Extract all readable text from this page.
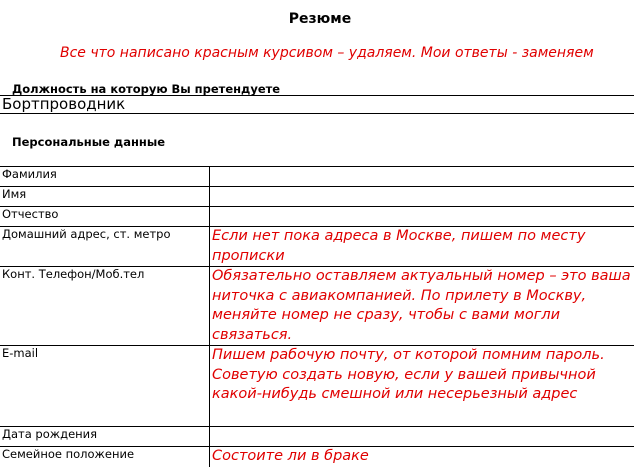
Резюме
Все что написано красным курсивом – удаляем. Мои ответы - заменяем
Должность на которую Вы претендуете
Бортпроводник
Персональные данные
Фамилия	
Имя	
Отчество	
Домашний адрес, ст. метро	Если нет пока адреса в Москве, пишем по месту прописки
Конт. Телефон/Моб.тел	Обязательно оставляем актуальный номер – это ваша ниточка с авиакомпанией. По прилету в Москву, меняйте номер не сразу, чтобы с вами могли связаться.
E-mail	Пишем рабочую почту, от которой помним пароль. Советую создать новую, если у вашей привычной какой-нибудь смешной или несерьезный адрес
Дата рождения	
Семейное положение	Состоите ли в браке
